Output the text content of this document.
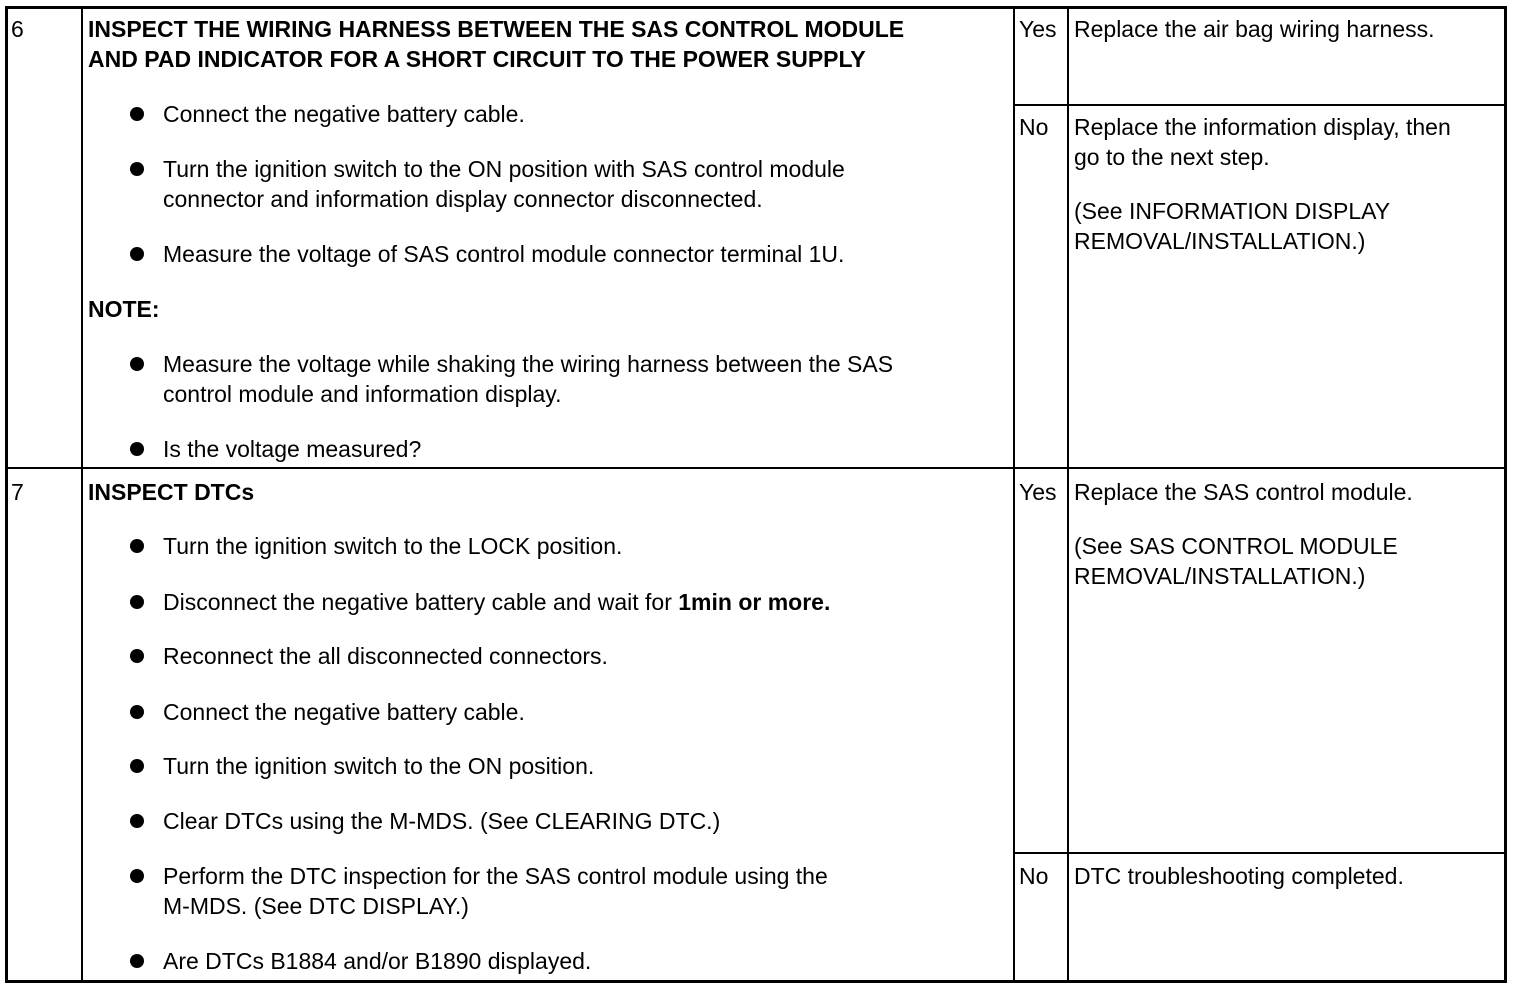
6	INSPECT THE WIRING HARNESS BETWEEN THE SAS CONTROL MODULE
AND PAD INDICATOR FOR A SHORT CIRCUIT TO THE POWER SUPPLY
Connect the negative battery cable.
Turn the ignition switch to the ON position with SAS control module
connector and information display connector disconnected.
Measure the voltage of SAS control module connector terminal 1U.
NOTE:
Measure the voltage while shaking the wiring harness between the SAS
control module and information display.
Is the voltage measured?
Yes Replace the air bag wiring harness.
No Replace the information display, then
go to the next step.
(See INFORMATION DISPLAY
REMOVAL/INSTALLATION.)
7	INSPECT DTCs
Turn the ignition switch to the LOCK position.
Disconnect the negative battery cable and wait for 1min or more.
Reconnect the all disconnected connectors.
Connect the negative battery cable.
Turn the ignition switch to the ON position.
Clear DTCs using the M-MDS. (See CLEARING DTC.)
Perform the DTC inspection for the SAS control module using the
M-MDS. (See DTC DISPLAY.)
Are DTCs B1884 and/or B1890 displayed.
Yes Replace the SAS control module.
(See SAS CONTROL MODULE
REMOVAL/INSTALLATION.)
No DTC troubleshooting completed.
